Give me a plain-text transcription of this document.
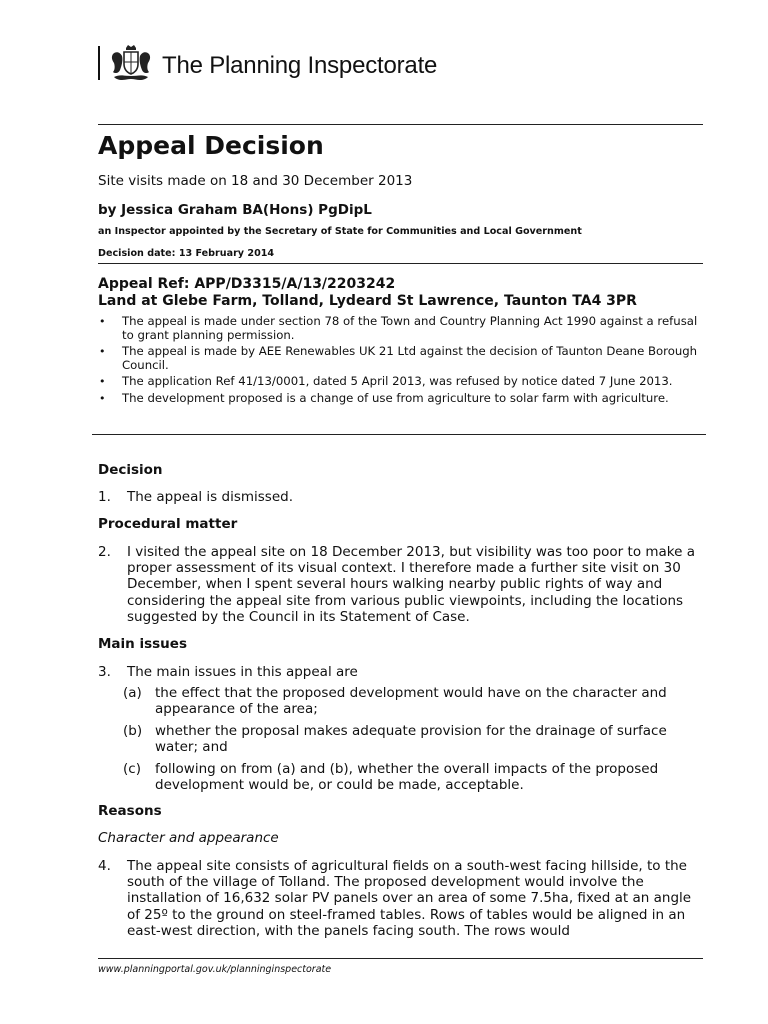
The Planning Inspectorate
Appeal Decision
Site visits made on 18 and 30 December 2013
by Jessica Graham BA(Hons) PgDipL
an Inspector appointed by the Secretary of State for Communities and Local Government
Decision date: 13 February 2014
Appeal Ref: APP/D3315/A/13/2203242
Land at Glebe Farm, Tolland, Lydeard St Lawrence, Taunton TA4 3PR
• The appeal is made under section 78 of the Town and Country Planning Act 1990 against a refusal to grant planning permission.
• The appeal is made by AEE Renewables UK 21 Ltd against the decision of Taunton Deane Borough Council.
• The application Ref 41/13/0001, dated 5 April 2013, was refused by notice dated 7 June 2013.
• The development proposed is a change of use from agriculture to solar farm with agriculture.
Decision
1. The appeal is dismissed.
Procedural matter
2. I visited the appeal site on 18 December 2013, but visibility was too poor to make a proper assessment of its visual context. I therefore made a further site visit on 30 December, when I spent several hours walking nearby public rights of way and considering the appeal site from various public viewpoints, including the locations suggested by the Council in its Statement of Case.
Main issues
3. The main issues in this appeal are
(a) the effect that the proposed development would have on the character and appearance of the area;
(b) whether the proposal makes adequate provision for the drainage of surface water; and
(c) following on from (a) and (b), whether the overall impacts of the proposed development would be, or could be made, acceptable.
Reasons
Character and appearance
4. The appeal site consists of agricultural fields on a south-west facing hillside, to the south of the village of Tolland. The proposed development would involve the installation of 16,632 solar PV panels over an area of some 7.5ha, fixed at an angle of 25º to the ground on steel-framed tables. Rows of tables would be aligned in an east-west direction, with the panels facing south. The rows would
www.planningportal.gov.uk/planninginspectorate
